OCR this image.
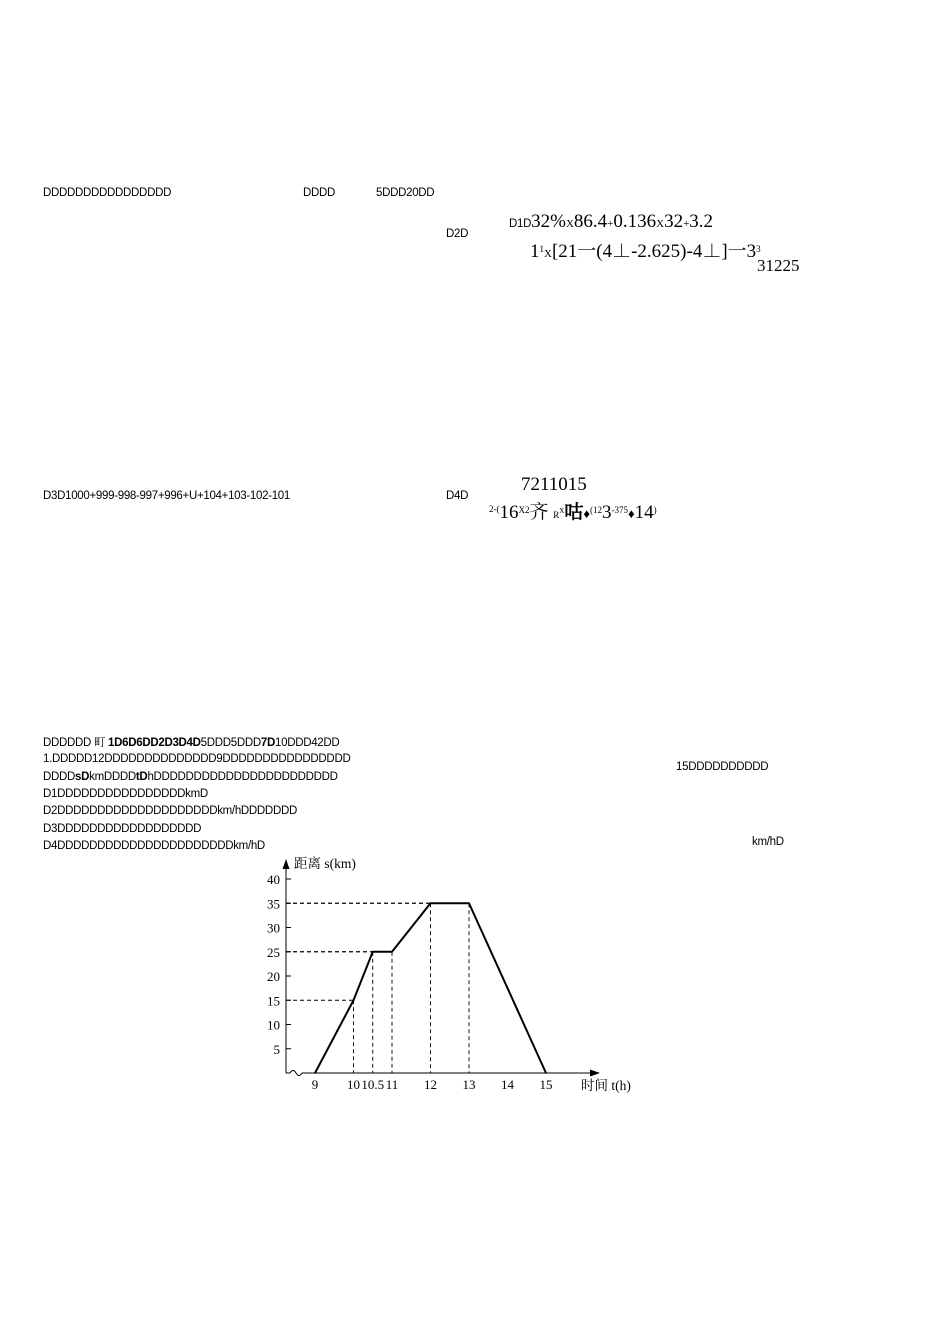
DDDDDDDDDDDDDDDD	DDDD	5DDD20DD
D2D
D1D32%X86.4+0.136X32+3.2
$1^1X[21$一(4⊥-2.625)-4⊥]一$3^3$
31225
D3D1000+999-998-997+996+U+104+103-102-101	D4D
7211015
$^{2-(}16^{X2}$齐 $R^X$咕$♦^{(12}3^{-375}♦14^)$
DDDDDD 町 1D6D6DD2D3D4D5DDD5DDD7D10DDD42DD
1.DDDDD12DDDDDDDDDDDDDD9DDDDDDDDDDDDDDDD
DDDDsDkmDDDDtDhDDDDDDDDDDDDDDDDDDDDDDD
D1DDDDDDDDDDDDDDDDkmD
D2DDDDDDDDDDDDDDDDDDDDkm/hDDDDDDD
D3DDDDDDDDDDDDDDDDDD
D4DDDDDDDDDDDDDDDDDDDDDDkm/hD
15DDDDDDDDDD
km/hD
5
10
15
20
25
30
35
40
9 10 10.5 11 12 13 14 15
距离 s(km)
时间 t(h)
